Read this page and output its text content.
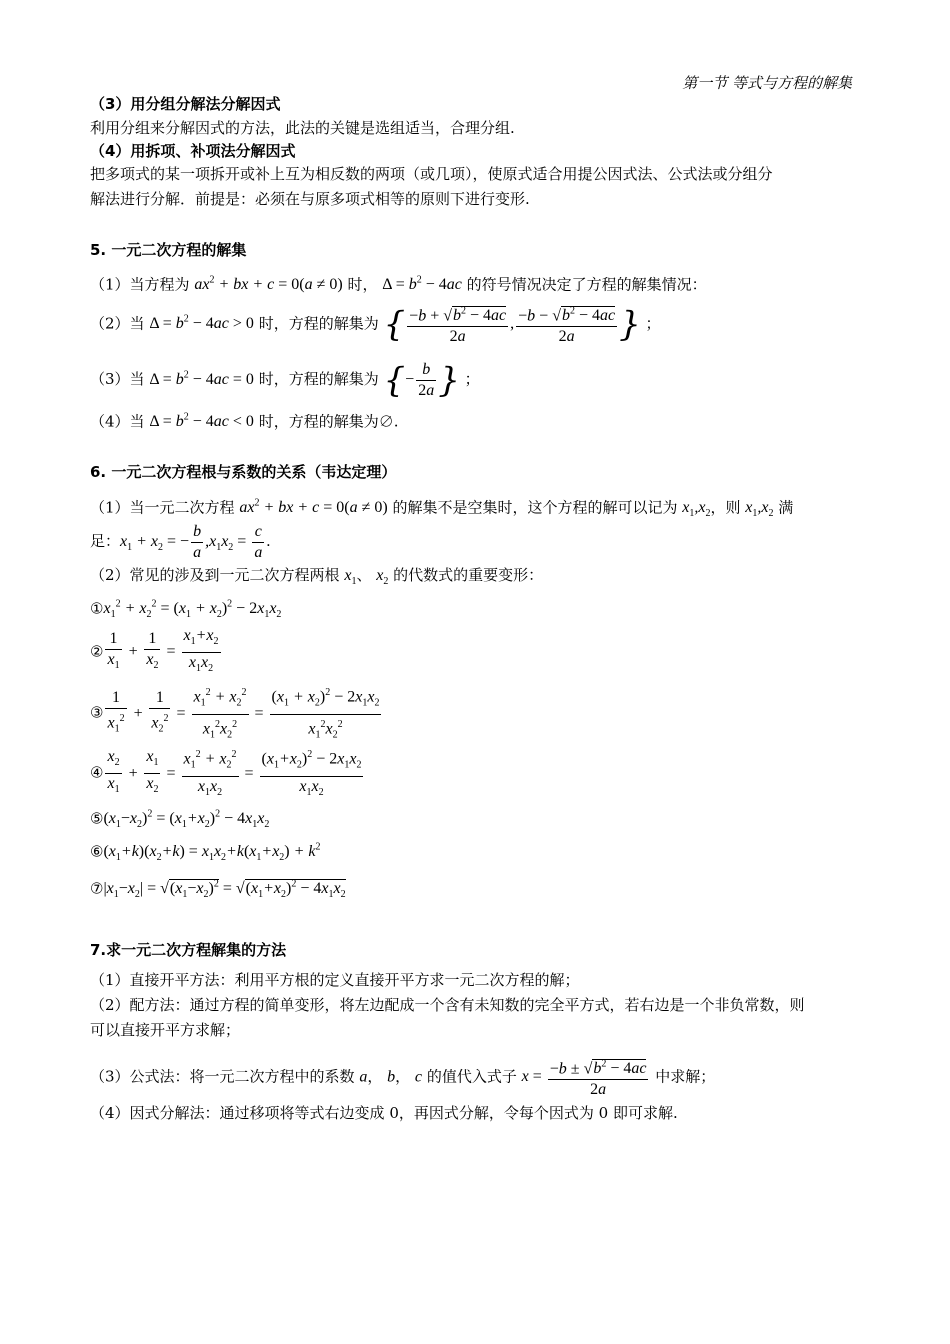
第一节 等式与方程的解集
（3）用分组分解法分解因式
利用分组来分解因式的方法，此法的关键是选组适当，合理分组.
（4）用拆项、补项法分解因式
把多项式的某一项拆开或补上互为相反数的两项（或几项），使原式适合用提公因式法、公式法或分组分
解法进行分解．前提是：必须在与原多项式相等的原则下进行变形.
5. 一元二次方程的解集
（1）当方程为 $ax^2$ + bx + c = 0(a ≠ 0) 时， $\Delta = b^2 - 4ac$ 的符号情况决定了方程的解集情况：
（2）当 $\Delta = b^2 - 4ac > 0$ 时，方程的解集为 { $\frac{-b + √b^2 - 4ac}{2a}$ , $\frac{-b - √b^2 - 4ac}{2a}$ } ；
（3）当 $\Delta = b^2 - 4ac = 0$ 时，方程的解集为 {− $\frac{b}{2a}$ } ；
（4）当 $\Delta = b^2 - 4ac < 0$ 时，方程的解集为∅.
6. 一元二次方程根与系数的关系（韦达定理）
（1）当一元二次方程 $ax^2$ + bx + c = 0(a ≠ 0) 的解集不是空集时，这个方程的解可以记为 $x_1,x_2$，则 $x_1,x_2$ 满
足：$x_1 + x_2$ = − $\frac{b}{a} ,x_1x_2 = \frac{c}{a}$ .
（2）常见的涉及到一元二次方程两根 $x_1$、 $x_2$ 的代数式的重要变形：
$①x_1^2 + x_2^2 = (x_1 + x_2)^2 - 2x_1x_2$
② $\frac{1}{x_1} + \frac{1}{x_2} = \frac{x_1+x_2}{x_1x_2}$
③ $\frac{1}{x_1^2} + \frac{1}{x_2^2} = \frac{x_1^2 + x_2^2}{x_1^2x_2^2} = \frac{(x_1 + x_2)^2 - 2x_1x_2}{x_1^2x_2^2}$
④ $\frac{x_2}{x_1} + \frac{x_1}{x_2} = \frac{x_1^2 + x_2^2}{x_1x_2} = \frac{(x_1+x_2)^2 - 2x_1x_2}{x_1x_2}$
$⑤(x_1-x_2)^2 = (x_1+x_2)^2 - 4x_1x_2$
$⑥(x_1+k)(x_2+k) = x_1x_2+k(x_1+x_2) + k^2$
$⑦|x_1-x_2| = √(x_1-x_2)^2 = √(x_1+x_2)^2 - 4x_1x_2$
7.求一元二次方程解集的方法
（1）直接开平方法：利用平方根的定义直接开平方求一元二次方程的解；
（2）配方法：通过方程的简单变形，将左边配成一个含有未知数的完全平方式，若右边是一个非负常数，则
可以直接开平方求解；
（3）公式法：将一元二次方程中的系数 a， b， c 的值代入式子 $x = \frac{-b \pm √b^2 - 4ac}{2a}$ 中求解；
（4）因式分解法：通过移项将等式右边变成 0，再因式分解，令每个因式为 0 即可求解.
